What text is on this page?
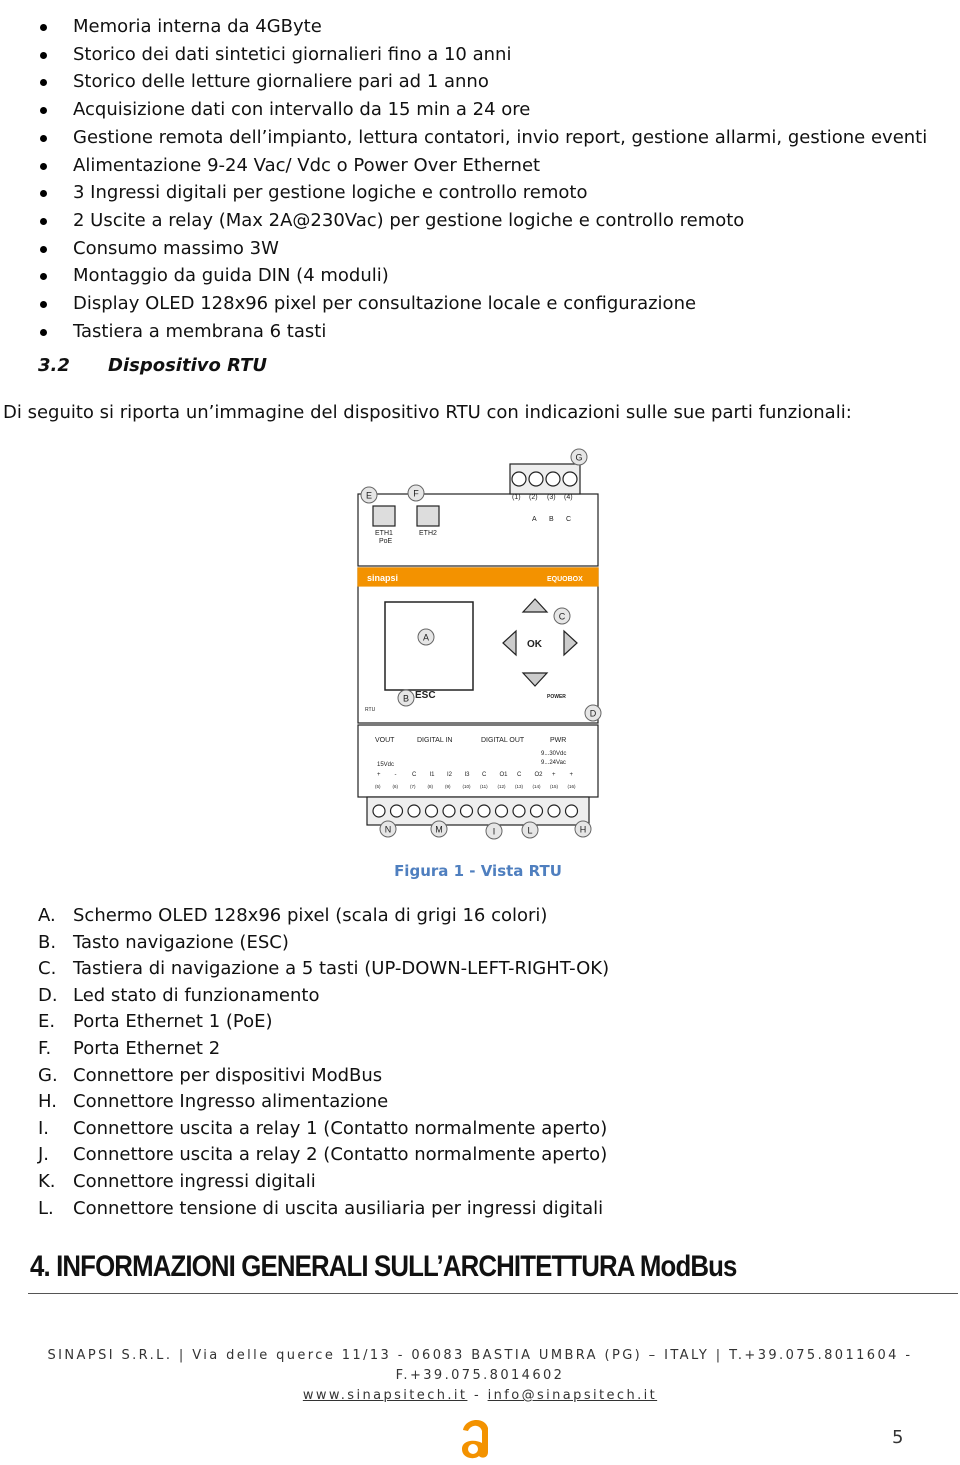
Memoria interna da 4GByte
Storico dei dati sintetici giornalieri fino a 10 anni
Storico delle letture giornaliere pari ad 1 anno
Acquisizione dati con intervallo da 15 min a 24 ore
Gestione remota dell’impianto, lettura contatori, invio report, gestione allarmi, gestione eventi
Alimentazione 9-24 Vac/ Vdc o Power Over Ethernet
3 Ingressi digitali per gestione logiche e controllo remoto
2 Uscite a relay (Max 2A@230Vac) per gestione logiche e controllo remoto
Consumo massimo 3W
Montaggio da guida DIN (4 moduli)
Display OLED 128x96 pixel per consultazione locale e configurazione
Tastiera a membrana 6 tasti
3.2 Dispositivo RTU
Di seguito si riporta un’immagine del dispositivo RTU con indicazioni sulle sue parti funzionali:
ETH1
PoE
ETH2
(1) (2) (3) (4)
A B C
sinapsi	EQUOBOX
OK
ESC	POWER
RTU
VOUT	DIGITAL IN	DIGITAL OUT	PWR
15Vdc
9...30Vdc
9...24Vac
+ -	C I1 I2 I3 C O1 C O2 + +
(5)	(6)	(7)	(8)	(9)	(10) (11) (12) (13) (14) (15) (16)
A
B
C
D
E	F
G
H
I	L
M
N
Figura 1 - Vista RTU
A. Schermo OLED 128x96 pixel (scala di grigi 16 colori)
B. Tasto navigazione (ESC)
C. Tastiera di navigazione a 5 tasti (UP-DOWN-LEFT-RIGHT-OK)
D. Led stato di funzionamento
E. Porta Ethernet 1 (PoE)
F. Porta Ethernet 2
G. Connettore per dispositivi ModBus
H. Connettore Ingresso alimentazione
I. Connettore uscita a relay 1 (Contatto normalmente aperto)
J. Connettore uscita a relay 2 (Contatto normalmente aperto)
K. Connettore ingressi digitali
L. Connettore tensione di uscita ausiliaria per ingressi digitali
4. INFORMAZIONI GENERALI SULL’ARCHITETTURA ModBus
SINAPSI S.R.L. | Via delle querce 11/13 - 06083 BASTIA UMBRA (PG) – ITALY | T.+39.075.8011604 -
F.+39.075.8014602
www.sinapsitech.it - info@sinapsitech.it
5
